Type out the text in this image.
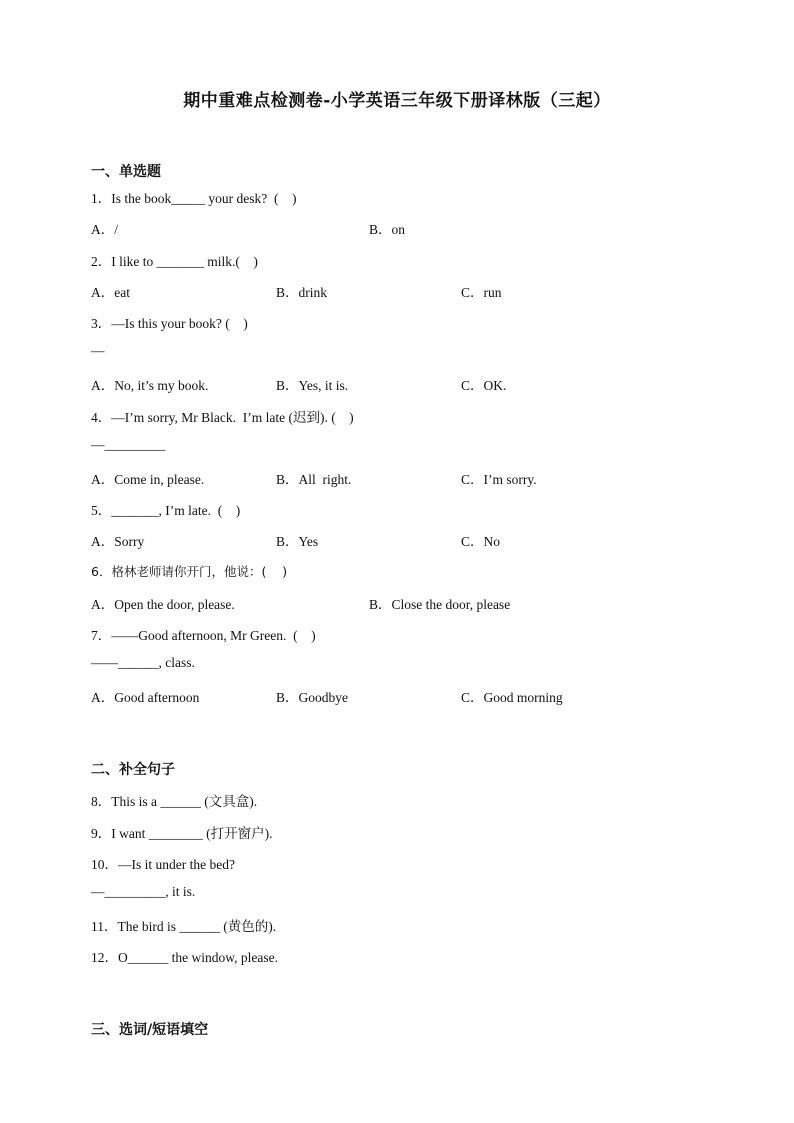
期中重难点检测卷-小学英语三年级下册译林版（三起）
一、单选题
1．Is the book_____ your desk?  (    )
A．/	B．on
2．I like to _______ milk.(    )
A．eat	B．drink	C．run
3．—Is this your book? (    )
—
A．No, it’s my book.	B．Yes, it is.	C．OK.
4．—I’m sorry, Mr Black.  I’m late (迟到). (    )
—_________
A．Come in, please.	B．All  right.	C．I’m sorry.
5．_______, I’m late.  (    )
A．Sorry	B．Yes	C．No
6．格林老师请你开门，他说：(    )
A．Open the door, please.	B．Close the door, please
7．——Good afternoon, Mr Green.  (    )
——______, class.
A．Good afternoon	B．Goodbye	C．Good morning
二、补全句子
8．This is a ______ (文具盒).
9．I want ________ (打开窗户).
10．—Is it under the bed?
—_________, it is.
11．The bird is ______ (黄色的).
12．O______ the window, please.
三、选词/短语填空
